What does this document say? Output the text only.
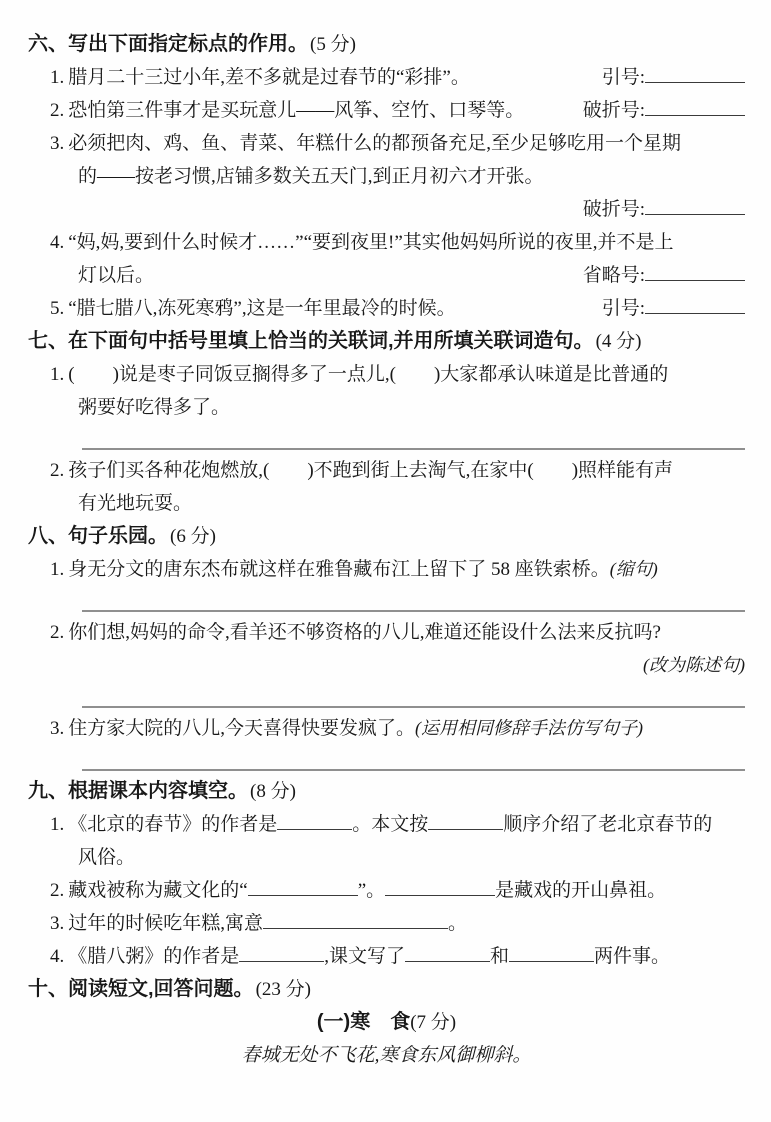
六、写出下面指定标点的作用。 (5 分)
1. 腊月二十三过小年,差不多就是过春节的“彩排”。	引号:
2. 恐怕第三件事才是买玩意儿——风筝、空竹、口琴等。	破折号:
3. 必须把肉、鸡、鱼、青菜、年糕什么的都预备充足,至少足够吃用一个星期
的——按老习惯,店铺多数关五天门,到正月初六才开张。
破折号:
4. “妈,妈,要到什么时候才……”“要到夜里!”其实他妈妈所说的夜里,并不是上
灯以后。	省略号:
5. “腊七腊八,冻死寒鸦”,这是一年里最冷的时候。	引号:
七、在下面句中括号里填上恰当的关联词,并用所填关联词造句。 (4 分)
1. (　　)说是枣子同饭豆搁得多了一点儿,(　　)大家都承认味道是比普通的
粥要好吃得多了。
2. 孩子们买各种花炮燃放,(　　)不跑到街上去淘气,在家中(　　)照样能有声
有光地玩耍。
八、句子乐园。 (6 分)
1. 身无分文的唐东杰布就这样在雅鲁藏布江上留下了 58 座铁索桥。 (缩句)
2. 你们想,妈妈的命令,看羊还不够资格的八儿,难道还能设什么法来反抗吗?
(改为陈述句)
3. 住方家大院的八儿,今天喜得快要发疯了。 (运用相同修辞手法仿写句子)
九、根据课本内容填空。 (8 分)
1. 《北京的春节》的作者是	。本文按	顺序介绍了老北京春节的
风俗。
2. 藏戏被称为藏文化的“	”。	是藏戏的开山鼻祖。
3. 过年的时候吃年糕,寓意	。
4. 《腊八粥》的作者是	,课文写了	和	两件事。
十、阅读短文,回答问题。 (23 分)
(一)寒　食(7 分)
春城无处不飞花,寒食东风御柳斜。
